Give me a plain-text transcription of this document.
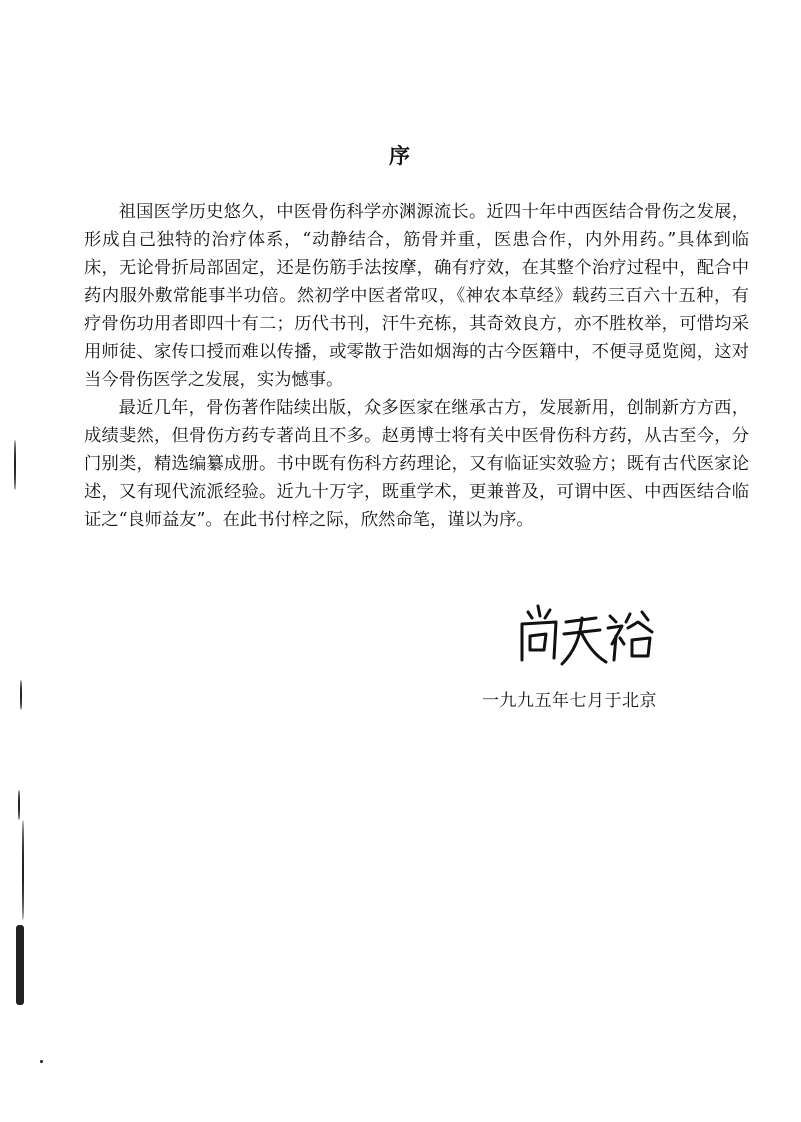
序

祖国医学历史悠久，中医骨伤科学亦渊源流长。近四十年中西医结合骨伤之发展，形成自己独特的治疗体系，“动静结合，筋骨并重，医患合作，内外用药。”具体到临床，无论骨折局部固定，还是伤筋手法按摩，确有疗效，在其整个治疗过程中，配合中药内服外敷常能事半功倍。然初学中医者常叹，《神农本草经》载药三百六十五种，有疗骨伤功用者即四十有二；历代书刊，汗牛充栋，其奇效良方，亦不胜枚举，可惜均采用师徒、家传口授而难以传播，或零散于浩如烟海的古今医籍中，不便寻觅览阅，这对当今骨伤医学之发展，实为憾事。

最近几年，骨伤著作陆续出版，众多医家在继承古方，发展新用，创制新方方西，成绩斐然，但骨伤方药专著尚且不多。赵勇博士将有关中医骨伤科方药，从古至今，分门别类，精选编纂成册。书中既有伤科方药理论，又有临证实效验方；既有古代医家论述，又有现代流派经验。近九十万字，既重学术，更兼普及，可谓中医、中西医结合临证之“良师益友”。在此书付梓之际，欣然命笔，谨以为序。

一九九五年七月于北京
